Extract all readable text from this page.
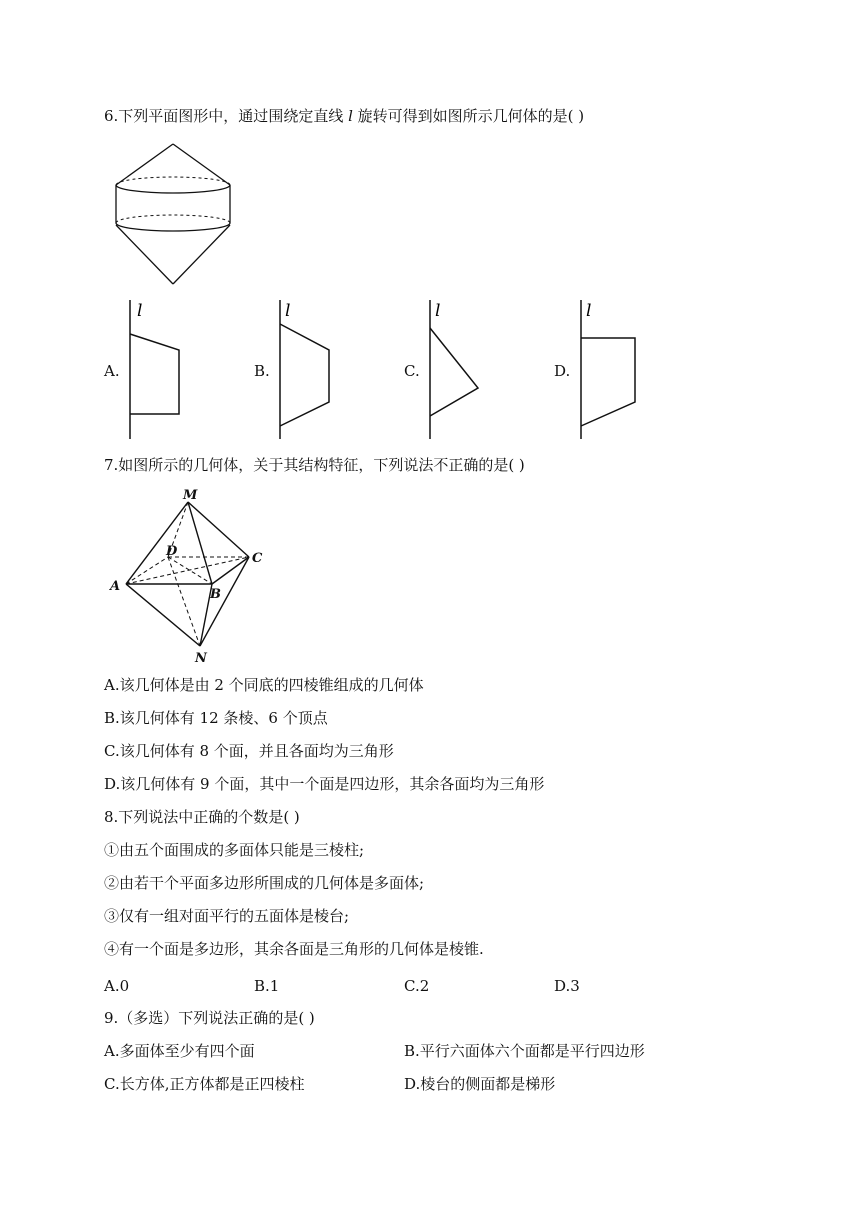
6.下列平面图形中，通过围绕定直线 l 旋转可得到如图所示几何体的是( )
A.
l
B.
l
C.
l
D.
l
7.如图所示的几何体，关于其结构特征，下列说法不正确的是( )
M
D	C
A
B
N
A.该几何体是由 2 个同底的四棱锥组成的几何体
B.该几何体有 12 条棱、6 个顶点
C.该几何体有 8 个面，并且各面均为三角形
D.该几何体有 9 个面，其中一个面是四边形，其余各面均为三角形
8.下列说法中正确的个数是( )
①由五个面围成的多面体只能是三棱柱;
②由若干个平面多边形所围成的几何体是多面体;
③仅有一组对面平行的五面体是棱台;
④有一个面是多边形，其余各面是三角形的几何体是棱锥.
A.0	B.1	C.2	D.3
9.（多选）下列说法正确的是( )
A.多面体至少有四个面	B.平行六面体六个面都是平行四边形
C.长方体,正方体都是正四棱柱	D.棱台的侧面都是梯形
